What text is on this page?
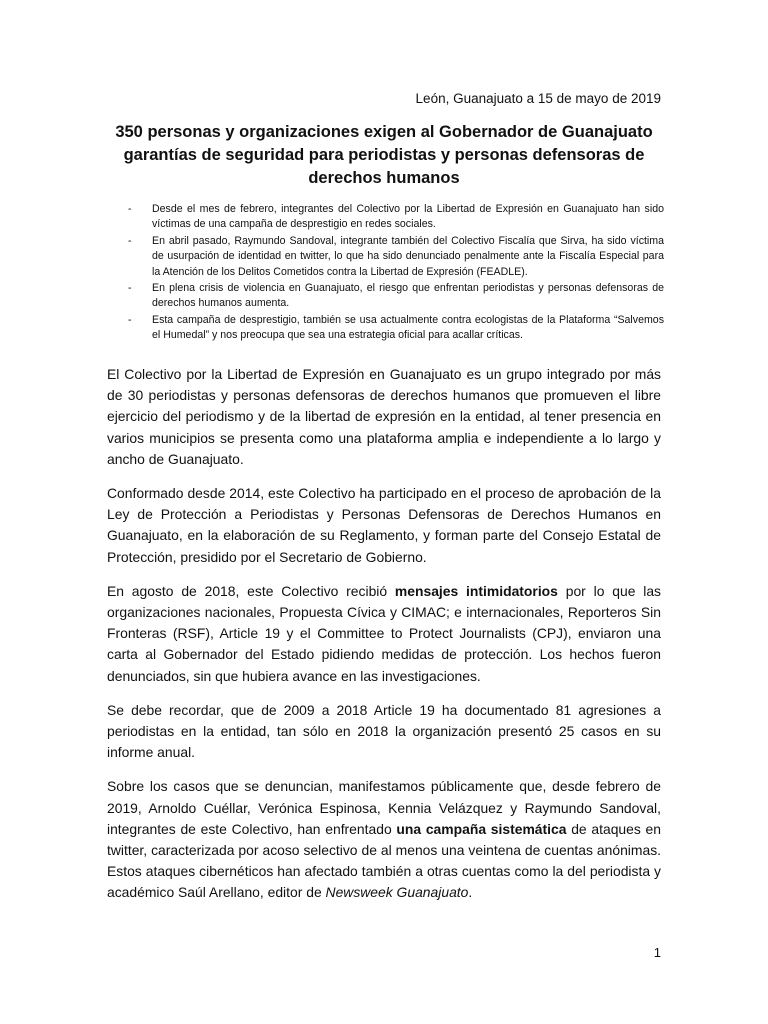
León, Guanajuato a 15 de mayo de 2019
350 personas y organizaciones exigen al Gobernador de Guanajuato garantías de seguridad para periodistas y personas defensoras de derechos humanos
- Desde el mes de febrero, integrantes del Colectivo por la Libertad de Expresión en Guanajuato han sido víctimas de una campaña de desprestigio en redes sociales.
- En abril pasado, Raymundo Sandoval, integrante también del Colectivo Fiscalía que Sirva, ha sido víctima de usurpación de identidad en twitter, lo que ha sido denunciado penalmente ante la Fiscalía Especial para la Atención de los Delitos Cometidos contra la Libertad de Expresión (FEADLE).
- En plena crisis de violencia en Guanajuato, el riesgo que enfrentan periodistas y personas defensoras de derechos humanos aumenta.
- Esta campaña de desprestigio, también se usa actualmente contra ecologistas de la Plataforma “Salvemos el Humedal” y nos preocupa que sea una estrategia oficial para acallar críticas.

El Colectivo por la Libertad de Expresión en Guanajuato es un grupo integrado por más de 30 periodistas y personas defensoras de derechos humanos que promueven el libre ejercicio del periodismo y de la libertad de expresión en la entidad, al tener presencia en varios municipios se presenta como una plataforma amplia e independiente a lo largo y ancho de Guanajuato.

Conformado desde 2014, este Colectivo ha participado en el proceso de aprobación de la Ley de Protección a Periodistas y Personas Defensoras de Derechos Humanos en Guanajuato, en la elaboración de su Reglamento, y forman parte del Consejo Estatal de Protección, presidido por el Secretario de Gobierno.

En agosto de 2018, este Colectivo recibió mensajes intimidatorios por lo que las organizaciones nacionales, Propuesta Cívica y CIMAC; e internacionales, Reporteros Sin Fronteras (RSF), Article 19 y el Committee to Protect Journalists (CPJ), enviaron una carta al Gobernador del Estado pidiendo medidas de protección. Los hechos fueron denunciados, sin que hubiera avance en las investigaciones.

Se debe recordar, que de 2009 a 2018 Article 19 ha documentado 81 agresiones a periodistas en la entidad, tan sólo en 2018 la organización presentó 25 casos en su informe anual.

Sobre los casos que se denuncian, manifestamos públicamente que, desde febrero de 2019, Arnoldo Cuéllar, Verónica Espinosa, Kennia Velázquez y Raymundo Sandoval, integrantes de este Colectivo, han enfrentado una campaña sistemática de ataques en twitter, caracterizada por acoso selectivo de al menos una veintena de cuentas anónimas. Estos ataques cibernéticos han afectado también a otras cuentas como la del periodista y académico Saúl Arellano, editor de Newsweek Guanajuato.

1
